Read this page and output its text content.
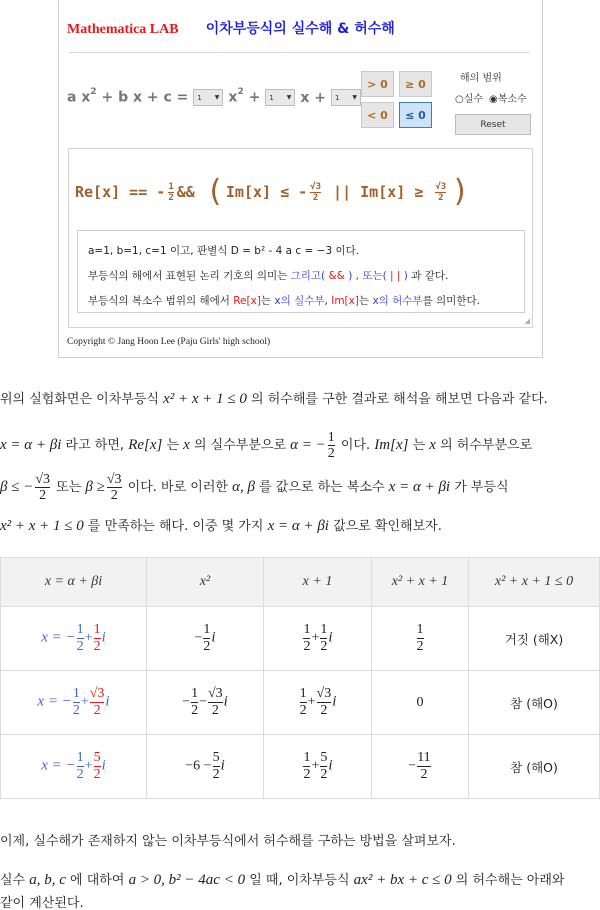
Mathematica LAB 이차부등식의 실수해 & 허수해
a $x^2 + b$ x + c = 1 ▼ $x^2 + 1$ ▼ x + 1 ▼
> 0	≥ 0
< 0	≤ 0
해의 범위
○실수 ◉복소수
Reset
Re[x] == - $\frac{1}{2}$ &&
( Im[x] ≤ - $\frac{√3}{2}$
||
Im[x] ≥
$\frac{√3}{2}$ )

a=1, b=1, c=1 이고, 판별식 D = b² - 4 a c = −3 이다.

부등식의 해에서 표현된 논리 기호의 의미는 그리고( && ) , 또는( | | ) 과 같다.

부등식의 복소수 범위의 해에서 Re[x]는 x의 실수부, Im[x]는 x의 허수부를 의미한다.

◢
Copyright © Jang Hoon Lee (Paju Girls' high school)
위의 실험화면은 이차부등식 x² + x + 1 ≤ 0 의 허수해를 구한 결과로 해석을 해보면 다음과 같다.
x = α + βi 라고 하면, Re[x] 는 x 의 실수부분으로 α = − $\frac{1}{2}$ 이다. Im[x] 는 x 의 허수부분으로
β ≤ − $\frac{√3}{2}$ 또는 $\beta \ge \frac{√3}{2}$ 이다. 바로 이러한 α, β 를 값으로 하는 복소수 x = α + βi 가 부등식
x² + x + 1 ≤ 0 를 만족하는 해다. 이중 몇 가지 x = α + βi 값으로 확인해보자.
x = α + βi	x²	x + 1	x² + x + 1	x² + x + 1 ≤ 0
x = − $\frac{1}{2} + \frac{1}{2}$ i	− $\frac{1}{2}$ i	$\frac{1}{2} + \frac{1}{2}$ i	$\frac{1}{2}$	거짓 (해X)
x = − $\frac{1}{2} + \frac{√3}{2}$ i	− $\frac{1}{2} - \frac{√3}{2}$ i	$\frac{1}{2} + \frac{√3}{2}$ i	0	참 (해O)
x = − $\frac{1}{2} + \frac{5}{2}$ i	$-6 - \frac{5}{2}$ i	$\frac{1}{2} + \frac{5}{2}$ i	− $\frac{11}{2}$	참 (해O)
이제, 실수해가 존재하지 않는 이차부등식에서 허수해를 구하는 방법을 살펴보자.
실수 a, b, c 에 대하여 a > 0, b² − 4ac < 0 일 때, 이차부등식 ax² + bx + c ≤ 0 의 허수해는 아래와
같이 계산된다.
